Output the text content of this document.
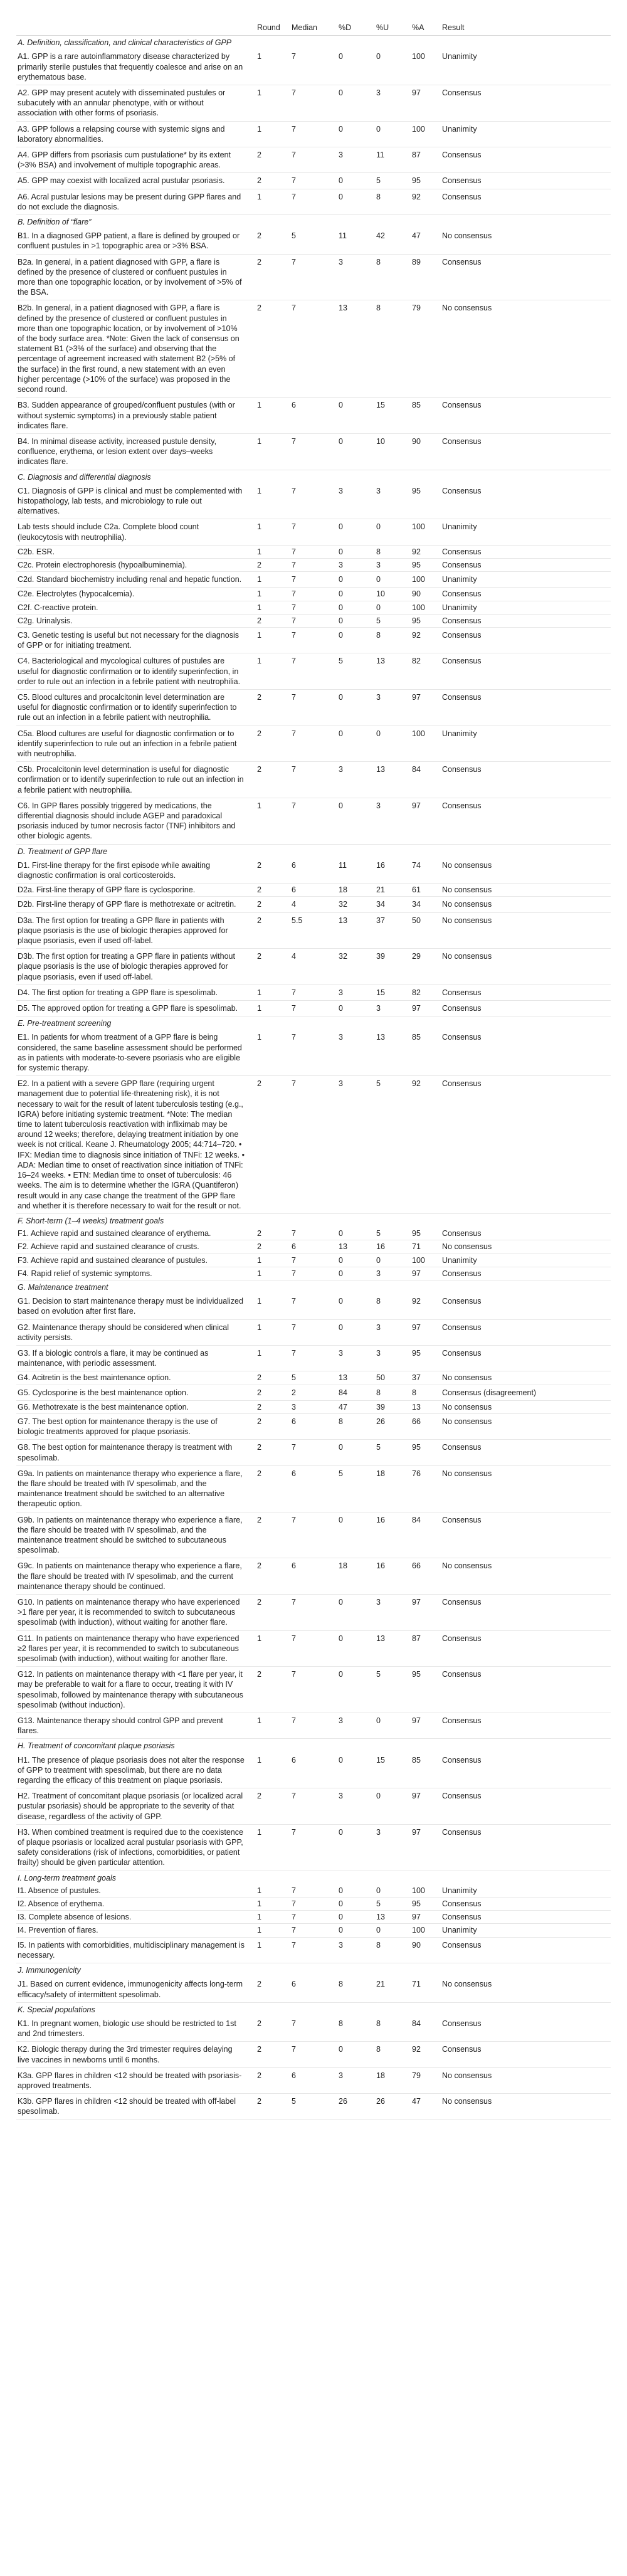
	Round	Median	%D	%U	%A	Result
A. Definition, classification, and clinical characteristics of GPP						
A1. GPP is a rare autoinflammatory disease characterized by primarily sterile pustules that frequently coalesce and arise on an erythematous base.	1	7	0	0	100	Unanimity
A2. GPP may present acutely with disseminated pustules or subacutely with an annular phenotype, with or without association with other forms of psoriasis.	1	7	0	3	97	Consensus
A3. GPP follows a relapsing course with systemic signs and laboratory abnormalities.	1	7	0	0	100	Unanimity
A4. GPP differs from psoriasis cum pustulatione* by its extent (>3% BSA) and involvement of multiple topographic areas.	2	7	3	11	87	Consensus
A5. GPP may coexist with localized acral pustular psoriasis.	2	7	0	5	95	Consensus
A6. Acral pustular lesions may be present during GPP flares and do not exclude the diagnosis.	1	7	0	8	92	Consensus
B. Definition of “flare”						
B1. In a diagnosed GPP patient, a flare is defined by grouped or confluent pustules in >1 topographic area or >3% BSA.	2	5	11	42	47	No consensus
B2a. In general, in a patient diagnosed with GPP, a flare is defined by the presence of clustered or confluent pustules in more than one topographic location, or by involvement of >5% of the BSA.	2	7	3	8	89	Consensus
B2b. In general, in a patient diagnosed with GPP, a flare is defined by the presence of clustered or confluent pustules in more than one topographic location, or by involvement of >10% of the body surface area. *Note: Given the lack of consensus on statement B1 (>3% of the surface) and observing that the percentage of agreement increased with statement B2 (>5% of the surface) in the first round, a new statement with an even higher percentage (>10% of the surface) was proposed in the second round.	2	7	13	8	79	No consensus
B3. Sudden appearance of grouped/confluent pustules (with or without systemic symptoms) in a previously stable patient indicates flare.	1	6	0	15	85	Consensus
B4. In minimal disease activity, increased pustule density, confluence, erythema, or lesion extent over days–weeks indicates flare.	1	7	0	10	90	Consensus
C. Diagnosis and differential diagnosis						
C1. Diagnosis of GPP is clinical and must be complemented with histopathology, lab tests, and microbiology to rule out alternatives.	1	7	3	3	95	Consensus
Lab tests should include C2a. Complete blood count (leukocytosis with neutrophilia).	1	7	0	0	100	Unanimity
C2b. ESR.	1	7	0	8	92	Consensus
C2c. Protein electrophoresis (hypoalbuminemia).	2	7	3	3	95	Consensus
C2d. Standard biochemistry including renal and hepatic function.	1	7	0	0	100	Unanimity
C2e. Electrolytes (hypocalcemia).	1	7	0	10	90	Consensus
C2f. C-reactive protein.	1	7	0	0	100	Unanimity
C2g. Urinalysis.	2	7	0	5	95	Consensus
C3. Genetic testing is useful but not necessary for the diagnosis of GPP or for initiating treatment.	1	7	0	8	92	Consensus
C4. Bacteriological and mycological cultures of pustules are useful for diagnostic confirmation or to identify superinfection, in order to rule out an infection in a febrile patient with neutrophilia.	1	7	5	13	82	Consensus
C5. Blood cultures and procalcitonin level determination are useful for diagnostic confirmation or to identify superinfection to rule out an infection in a febrile patient with neutrophilia.	2	7	0	3	97	Consensus
C5a. Blood cultures are useful for diagnostic confirmation or to identify superinfection to rule out an infection in a febrile patient with neutrophilia.	2	7	0	0	100	Unanimity
C5b. Procalcitonin level determination is useful for diagnostic confirmation or to identify superinfection to rule out an infection in a febrile patient with neutrophilia.	2	7	3	13	84	Consensus
C6. In GPP flares possibly triggered by medications, the differential diagnosis should include AGEP and paradoxical psoriasis induced by tumor necrosis factor (TNF) inhibitors and other biologic agents.	1	7	0	3	97	Consensus
D. Treatment of GPP flare						
D1. First-line therapy for the first episode while awaiting diagnostic confirmation is oral corticosteroids.	2	6	11	16	74	No consensus
D2a. First-line therapy of GPP flare is cyclosporine.	2	6	18	21	61	No consensus
D2b. First-line therapy of GPP flare is methotrexate or acitretin.	2	4	32	34	34	No consensus
D3a. The first option for treating a GPP flare in patients with plaque psoriasis is the use of biologic therapies approved for plaque psoriasis, even if used off-label.	2	5.5	13	37	50	No consensus
D3b. The first option for treating a GPP flare in patients without plaque psoriasis is the use of biologic therapies approved for plaque psoriasis, even if used off-label.	2	4	32	39	29	No consensus
D4. The first option for treating a GPP flare is spesolimab.	1	7	3	15	82	Consensus
D5. The approved option for treating a GPP flare is spesolimab.	1	7	0	3	97	Consensus
E. Pre-treatment screening						
E1. In patients for whom treatment of a GPP flare is being considered, the same baseline assessment should be performed as in patients with moderate-to-severe psoriasis who are eligible for systemic therapy.	1	7	3	13	85	Consensus
E2. In a patient with a severe GPP flare (requiring urgent management due to potential life-threatening risk), it is not necessary to wait for the result of latent tuberculosis testing (e.g., IGRA) before initiating systemic treatment. *Note: The median time to latent tuberculosis reactivation with infliximab may be around 12 weeks; therefore, delaying treatment initiation by one week is not critical. Keane J. Rheumatology 2005; 44:714–720. • IFX: Median time to diagnosis since initiation of TNFi: 12 weeks. • ADA: Median time to onset of reactivation since initiation of TNFi: 16–24 weeks. • ETN: Median time to onset of tuberculosis: 46 weeks. The aim is to determine whether the IGRA (Quantiferon) result would in any case change the treatment of the GPP flare and whether it is therefore necessary to wait for the result or not.	2	7	3	5	92	Consensus
F. Short-term (1–4 weeks) treatment goals						
F1. Achieve rapid and sustained clearance of erythema.	2	7	0	5	95	Consensus
F2. Achieve rapid and sustained clearance of crusts.	2	6	13	16	71	No consensus
F3. Achieve rapid and sustained clearance of pustules.	1	7	0	0	100	Unanimity
F4. Rapid relief of systemic symptoms.	1	7	0	3	97	Consensus
G. Maintenance treatment						
G1. Decision to start maintenance therapy must be individualized based on evolution after first flare.	1	7	0	8	92	Consensus
G2. Maintenance therapy should be considered when clinical activity persists.	1	7	0	3	97	Consensus
G3. If a biologic controls a flare, it may be continued as maintenance, with periodic assessment.	1	7	3	3	95	Consensus
G4. Acitretin is the best maintenance option.	2	5	13	50	37	No consensus
G5. Cyclosporine is the best maintenance option.	2	2	84	8	8	Consensus (disagreement)
G6. Methotrexate is the best maintenance option.	2	3	47	39	13	No consensus
G7. The best option for maintenance therapy is the use of biologic treatments approved for plaque psoriasis.	2	6	8	26	66	No consensus
G8. The best option for maintenance therapy is treatment with spesolimab.	2	7	0	5	95	Consensus
G9a. In patients on maintenance therapy who experience a flare, the flare should be treated with IV spesolimab, and the maintenance treatment should be switched to an alternative therapeutic option.	2	6	5	18	76	No consensus
G9b. In patients on maintenance therapy who experience a flare, the flare should be treated with IV spesolimab, and the maintenance treatment should be switched to subcutaneous spesolimab.	2	7	0	16	84	Consensus
G9c. In patients on maintenance therapy who experience a flare, the flare should be treated with IV spesolimab, and the current maintenance therapy should be continued.	2	6	18	16	66	No consensus
G10. In patients on maintenance therapy who have experienced >1 flare per year, it is recommended to switch to subcutaneous spesolimab (with induction), without waiting for another flare.	2	7	0	3	97	Consensus
G11. In patients on maintenance therapy who have experienced ≥2 flares per year, it is recommended to switch to subcutaneous spesolimab (with induction), without waiting for another flare.	1	7	0	13	87	Consensus
G12. In patients on maintenance therapy with <1 flare per year, it may be preferable to wait for a flare to occur, treating it with IV spesolimab, followed by maintenance therapy with subcutaneous spesolimab (without induction).	2	7	0	5	95	Consensus
G13. Maintenance therapy should control GPP and prevent flares.	1	7	3	0	97	Consensus
H. Treatment of concomitant plaque psoriasis						
H1. The presence of plaque psoriasis does not alter the response of GPP to treatment with spesolimab, but there are no data regarding the efficacy of this treatment on plaque psoriasis.	1	6	0	15	85	Consensus
H2. Treatment of concomitant plaque psoriasis (or localized acral pustular psoriasis) should be appropriate to the severity of that disease, regardless of the activity of GPP.	2	7	3	0	97	Consensus
H3. When combined treatment is required due to the coexistence of plaque psoriasis or localized acral pustular psoriasis with GPP, safety considerations (risk of infections, comorbidities, or patient frailty) should be given particular attention.	1	7	0	3	97	Consensus
I. Long-term treatment goals						
I1. Absence of pustules.	1	7	0	0	100	Unanimity
I2. Absence of erythema.	1	7	0	5	95	Consensus
I3. Complete absence of lesions.	1	7	0	13	97	Consensus
I4. Prevention of flares.	1	7	0	0	100	Unanimity
I5. In patients with comorbidities, multidisciplinary management is necessary.	1	7	3	8	90	Consensus
J. Immunogenicity						
J1. Based on current evidence, immunogenicity affects long-term efficacy/safety of intermittent spesolimab.	2	6	8	21	71	No consensus
K. Special populations						
K1. In pregnant women, biologic use should be restricted to 1st and 2nd trimesters.	2	7	8	8	84	Consensus
K2. Biologic therapy during the 3rd trimester requires delaying live vaccines in newborns until 6 months.	2	7	0	8	92	Consensus
K3a. GPP flares in children <12 should be treated with psoriasis-approved treatments.	2	6	3	18	79	No consensus
K3b. GPP flares in children <12 should be treated with off-label spesolimab.	2	5	26	26	47	No consensus
